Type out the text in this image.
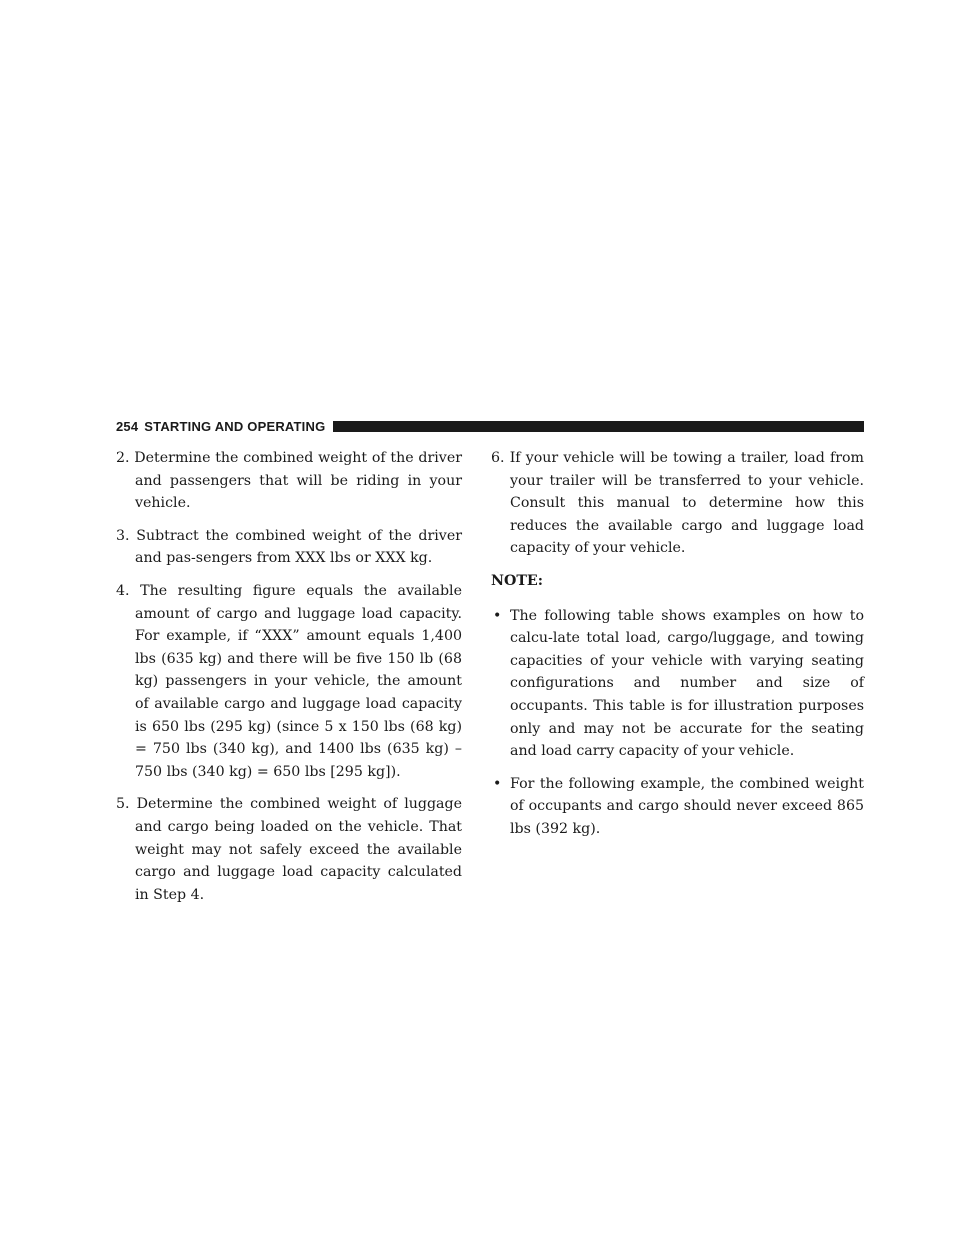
254 STARTING AND OPERATING

2. Determine the combined weight of the driver and passengers that will be riding in your vehicle.

3. Subtract the combined weight of the driver and pas-sengers from XXX lbs or XXX kg.

4. The resulting figure equals the available amount of cargo and luggage load capacity. For example, if “XXX” amount equals 1,400 lbs (635 kg) and there will be five 150 lb (68 kg) passengers in your vehicle, the amount of available cargo and luggage load capacity is 650 lbs (295 kg) (since 5 x 150 lbs (68 kg) = 750 lbs (340 kg), and 1400 lbs (635 kg) – 750 lbs (340 kg) = 650 lbs [295 kg]).

5. Determine the combined weight of luggage and cargo being loaded on the vehicle. That weight may not safely exceed the available cargo and luggage load capacity calculated in Step 4.

6. If your vehicle will be towing a trailer, load from your trailer will be transferred to your vehicle. Consult this manual to determine how this reduces the available cargo and luggage load capacity of your vehicle.

NOTE:

• The following table shows examples on how to calcu-late total load, cargo/luggage, and towing capacities of your vehicle with varying seating configurations and number and size of occupants. This table is for illustration purposes only and may not be accurate for the seating and load carry capacity of your vehicle.
• For the following example, the combined weight of occupants and cargo should never exceed 865 lbs (392 kg).
